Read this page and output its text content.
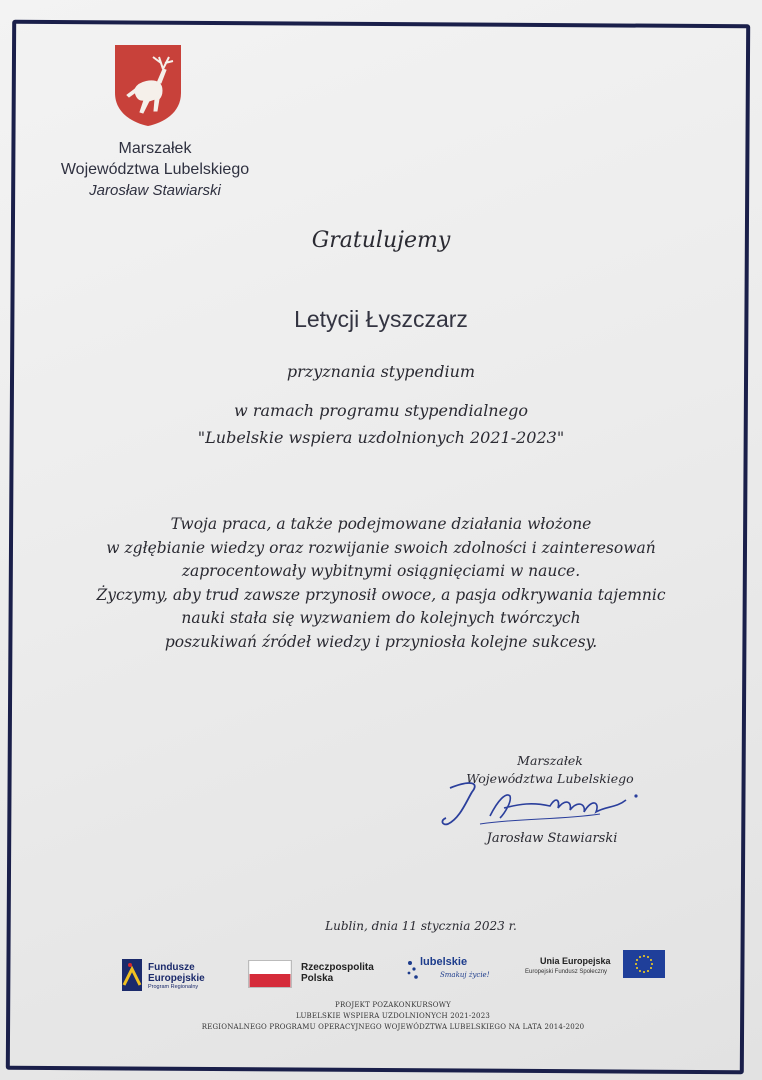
Marszałek
Województwa Lubelskiego
Jarosław Stawiarski
Gratulujemy
Letycji Łyszczarz
przyznania stypendium
w ramach programu stypendialnego
"Lubelskie wspiera uzdolnionych 2021-2023"
Twoja praca, a także podejmowane działania włożone
w zgłębianie wiedzy oraz rozwijanie swoich zdolności i zainteresowań
zaprocentowały wybitnymi osiągnięciami w nauce.
Życzymy, aby trud zawsze przynosił owoce, a pasja odkrywania tajemnic
nauki stała się wyzwaniem do kolejnych twórczych
poszukiwań źródeł wiedzy i przyniosła kolejne sukcesy.
Marszałek
Województwa Lubelskiego
Jarosław Stawiarski
Lublin, dnia 11 stycznia 2023 r.
Fundusze
Europejskie
Program Regionalny
Rzeczpospolita
Polska
lubelskie
Smakuj życie!
Unia Europejska
Europejski Fundusz Społeczny
PROJEKT POZAKONKURSOWY
LUBELSKIE WSPIERA UZDOLNIONYCH 2021-2023
REGIONALNEGO PROGRAMU OPERACYJNEGO WOJEWÓDZTWA LUBELSKIEGO NA LATA 2014-2020
